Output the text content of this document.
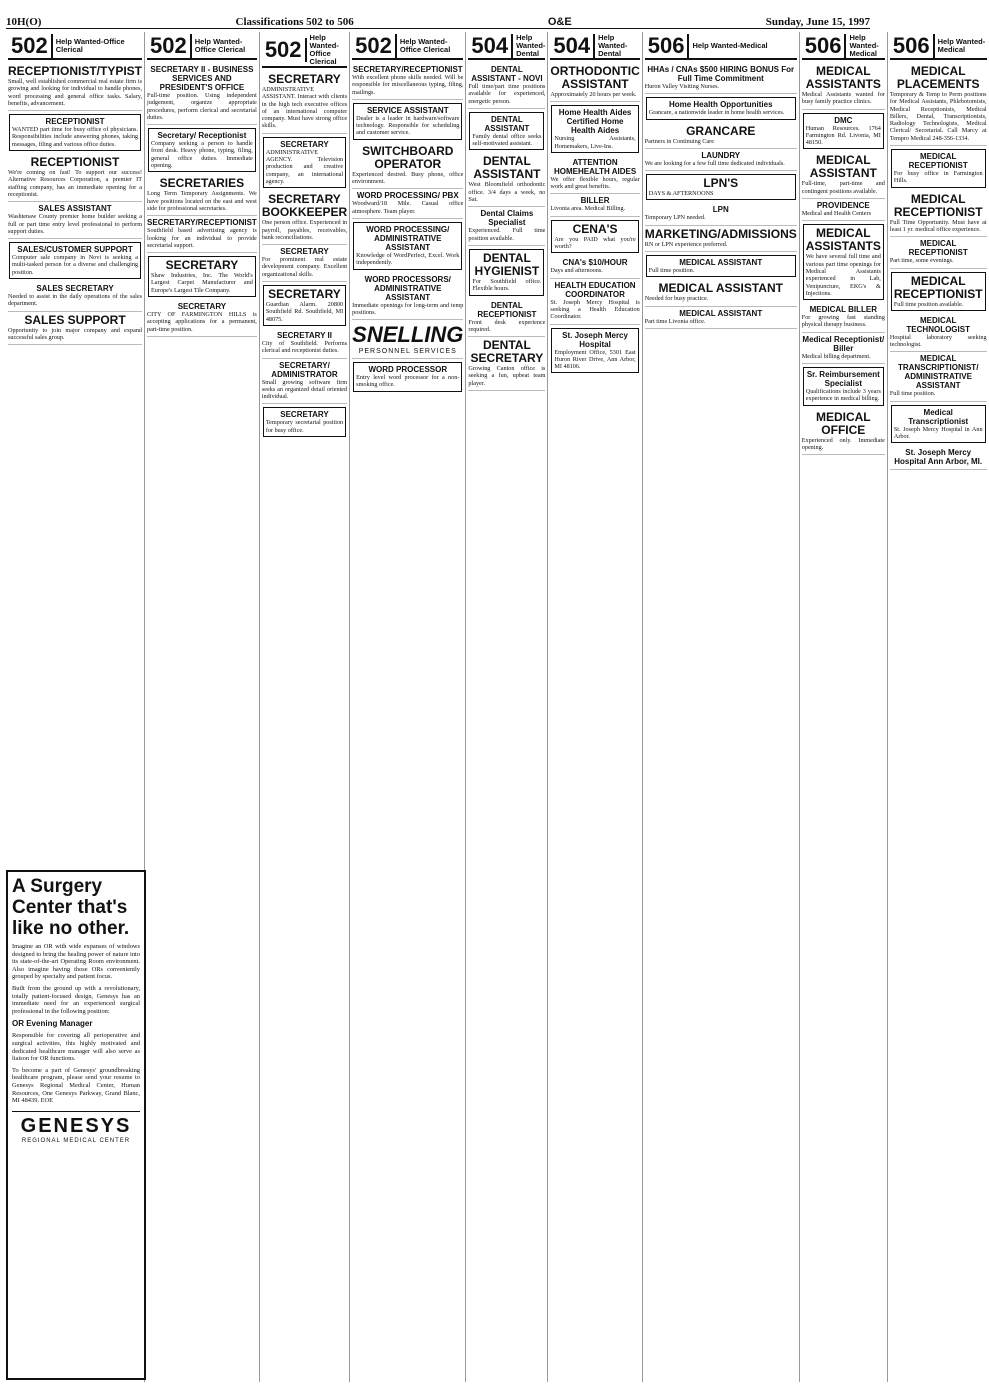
10H(O)	Classifications 502 to 506	O&E	Sunday, June 15, 1997
502	Help Wanted-Office Clerical
RECEPTIONIST/TYPIST
Small, well established commercial real estate firm is growing and looking for individual to handle phones, word processing and general office tasks. Salary, benefits, advancement.
RECEPTIONIST
WANTED part time for busy office of physicians. Responsibilities include answering phones, taking messages, filing and various office duties.
RECEPTIONIST
We're coming on fast! To support our success! Alternative Resources Corporation, a premier IT staffing company, has an immediate opening for a receptionist.
SALES ASSISTANT
Washtenaw County premier home builder seeking a full or part time entry level professional to perform support duties.
SALES/CUSTOMER SUPPORT
Computer sale company in Novi is seeking a multi-tasked person for a diverse and challenging position.
SALES SECRETARY
Needed to assist in the daily operations of the sales department.
SALES SUPPORT
Opportunity to join major company and expand successful sales group.
502	Help Wanted-Office Clerical
SECRETARY II - BUSINESS SERVICES AND PRESIDENT'S OFFICE
Full-time position. Using independent judgement, organize appropriate procedures, perform clerical and secretarial duties.
Secretary/ Receptionist
Company seeking a person to handle front desk. Heavy phone, typing, filing, general office duties. Immediate opening.
SECRETARIES
Long Term Temporary Assignments. We have positions located on the east and west side for professional secretaries.
SECRETARY/RECEPTIONIST
Southfield based advertising agency is looking for an individual to provide secretarial support.
SECRETARY
Shaw Industries, Inc. The World's Largest Carpet Manufacturer and Europe's Largest Tile Company.
SECRETARY
CITY OF FARMINGTON HILLS is accepting applications for a permanent, part-time position.
502	Help Wanted-Office Clerical
SECRETARY
ADMINISTRATIVE ASSISTANT. Interact with clients in the high tech executive offices of an international computer company. Must have strong office skills.
SECRETARY
ADMINISTRATIVE AGENCY. Television production and creative company, an international agency.
SECRETARY BOOKKEEPER
One person office. Experienced in payroll, payables, receivables, bank reconciliations.
SECRETARY
For prominent real estate development company. Excellent organizational skills.
SECRETARY
Guardian Alarm. 20800 Southfield Rd. Southfield, MI 48075.
SECRETARY II
City of Southfield. Performs clerical and receptionist duties.
SECRETARY/ ADMINISTRATOR
Small growing software firm seeks an organized detail oriented individual.
SECRETARY
Temporary secretarial position for busy office.
502	Help Wanted-Office Clerical
SECRETARY/RECEPTIONIST
With excellent phone skills needed. Will be responsible for miscellaneous typing, filing, mailings.
SERVICE ASSISTANT
Dealer is a leader in hardware/software technology. Responsible for scheduling and customer service.
SWITCHBOARD OPERATOR
Experienced desired. Busy phone, office environment.
WORD PROCESSING/ PBX
Woodward/18 Mile. Casual office atmosphere. Team player.
WORD PROCESSING/ ADMINISTRATIVE ASSISTANT
Knowledge of WordPerfect, Excel. Work independently.
WORD PROCESSORS/ ADMINISTRATIVE ASSISTANT
Immediate openings for long-term and temp positions.
SNELLING
PERSONNEL SERVICES
WORD PROCESSOR
Entry level word processor for a non-smoking office.
504	Help Wanted-Dental
DENTAL ASSISTANT - NOVI
Full time/part time positions available for experienced, energetic person.
DENTAL ASSISTANT
Family dental office seeks self-motivated assistant.
DENTAL ASSISTANT
West Bloomfield orthodontic office. 3/4 days a week, no Sat.
Dental Claims Specialist
Experienced. Full time position available.
DENTAL HYGIENIST
For Southfield office. Flexible hours.
DENTAL RECEPTIONIST
Front desk experience required.
DENTAL SECRETARY
Growing Canton office is seeking a fun, upbeat team player.
504	Help Wanted-Dental
ORTHODONTIC ASSISTANT
Approximately 20 hours per week.
Home Health Aides Certified Home Health Aides
Nursing Assistants, Homemakers, Live-Ins.
ATTENTION HOMEHEALTH AIDES
We offer flexible hours, regular work and great benefits.
BILLER
Livonia area. Medical Billing.
CENA'S
Are you PAID what you're worth?
CNA's $10/HOUR
Days and afternoons.
HEALTH EDUCATION COORDINATOR
St. Joseph Mercy Hospital is seeking a Health Education Coordinator.
St. Joseph Mercy Hospital
Employment Office, 5301 East Huron River Drive, Ann Arbor, MI 48106.
506	Help Wanted-Medical
HHAs / CNAs $500 HIRING BONUS For Full Time Commitment
Huron Valley Visiting Nurses.
Home Health Opportunities
Grancare, a nationwide leader in home health services.
GRANCARE
Partners in Continuing Care
LAUNDRY
We are looking for a few full time dedicated individuals.
LPN'S
DAYS & AFTERNOONS
LPN
Temporary LPN needed.
MARKETING/ADMISSIONS
RN or LPN experience preferred.
MEDICAL ASSISTANT
Full time position.
MEDICAL ASSISTANT
Needed for busy practice.
MEDICAL ASSISTANT
Part time Livonia office.
506	Help Wanted-Medical
MEDICAL ASSISTANTS
Medical Assistants wanted for busy family practice clinics.
DMC
Human Resources. 1764 Farmington Rd. Livonia, MI 48150.
MEDICAL ASSISTANT
Full-time, part-time and contingent positions available.
PROVIDENCE
Medical and Health Centers
MEDICAL ASSISTANTS
We have several full time and various part time openings for Medical Assistants experienced in Lab, Venipuncture, EKG's & Injections.
MEDICAL BILLER
For growing fast standing physical therapy business.
Medical Receptionist/ Biller
Medical billing department.
Sr. Reimbursement Specialist
Qualifications include 3 years experience in medical billing.
MEDICAL OFFICE
Experienced only. Immediate opening.
506	Help Wanted-Medical
MEDICAL PLACEMENTS
Temporary & Temp to Perm positions for Medical Assistants, Phlebotomists, Medical Receptionists, Medical Billers, Dental, Transcriptionists, Radiology Technologists, Medical Clerical/ Secretarial. Call Marcy at Tempro Medical 248-356-1334.
MEDICAL RECEPTIONIST
For busy office in Farmington Hills.
MEDICAL RECEPTIONIST
Full Time Opportunity. Must have at least 1 yr. medical office experience.
MEDICAL RECEPTIONIST
Part time, some evenings.
MEDICAL RECEPTIONIST
Full time position available.
MEDICAL TECHNOLOGIST
Hospital laboratory seeking technologist.
MEDICAL TRANSCRIPTIONIST/ ADMINISTRATIVE ASSISTANT
Full time position.
Medical Transcriptionist
St. Joseph Mercy Hospital in Ann Arbor.
St. Joseph Mercy Hospital Ann Arbor, MI.
A Surgery Center that's like no other.
Imagine an OR with wide expanses of windows designed to bring the healing power of nature into its state-of-the-art Operating Room environment. Also imagine having those ORs conveniently grouped by specialty and patient focus.
Built from the ground up with a revolutionary, totally patient-focused design, Genesys has an immediate need for an experienced surgical professional in the following position:
OR Evening Manager
Responsible for covering all perioperative and surgical activities, this highly motivated and dedicated healthcare manager will also serve as liaison for OR functions.
To become a part of Genesys' groundbreaking healthcare program, please send your resume to Genesys Regional Medical Center, Human Resources, One Genesys Parkway, Grand Blanc, MI 48439. EOE
GENESYS
REGIONAL MEDICAL CENTER
